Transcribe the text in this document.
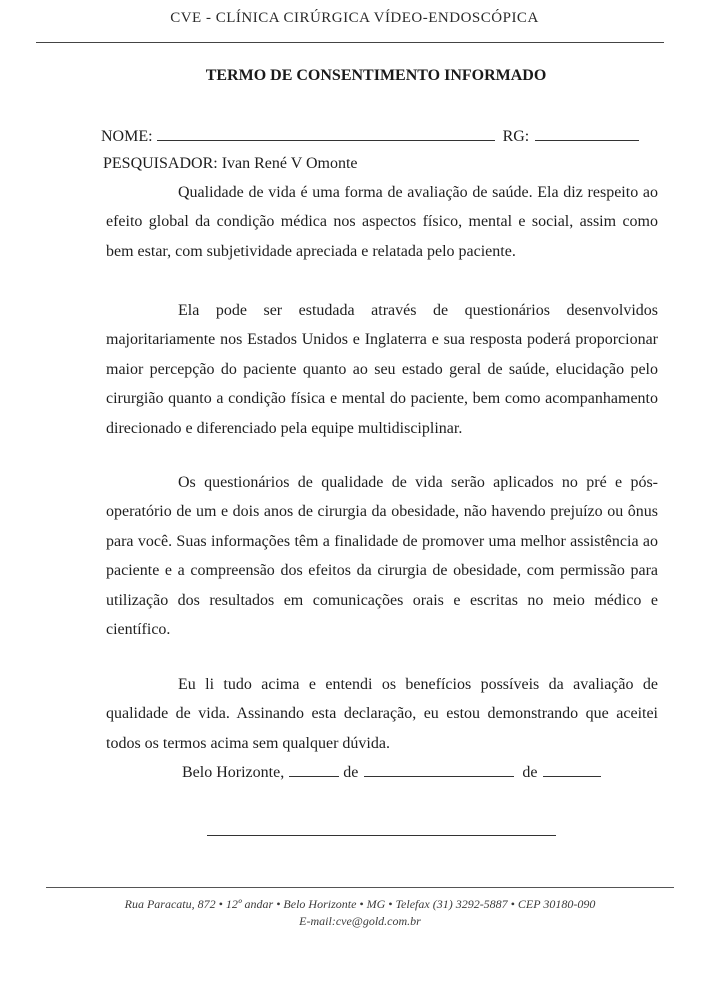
CVE - CLÍNICA CIRÚRGICA VÍDEO-ENDOSCÓPICA
TERMO DE CONSENTIMENTO INFORMADO
NOME:	RG:
PESQUISADOR: Ivan René V Omonte
Qualidade de vida é uma forma de avaliação de saúde. Ela diz respeito ao efeito global da condição médica nos aspectos físico, mental e social, assim como bem estar, com subjetividade apreciada e relatada pelo paciente.
Ela pode ser estudada através de questionários desenvolvidos majoritariamente nos Estados Unidos e Inglaterra e sua resposta poderá proporcionar maior percepção do paciente quanto ao seu estado geral de saúde, elucidação pelo cirurgião quanto a condição física e mental do paciente, bem como acompanhamento direcionado e diferenciado pela equipe multidisciplinar.
Os questionários de qualidade de vida serão aplicados no pré e pós-operatório de um e dois anos de cirurgia da obesidade, não havendo prejuízo ou ônus para você. Suas informações têm a finalidade de promover uma melhor assistência ao paciente e a compreensão dos efeitos da cirurgia de obesidade, com permissão para utilização dos resultados em comunicações orais e escritas no meio médico e científico.
Eu li tudo acima e entendi os benefícios possíveis da avaliação de qualidade de vida. Assinando esta declaração, eu estou demonstrando que aceitei todos os termos acima sem qualquer dúvida.
Belo Horizonte,	de	de
Rua Paracatu, 872 • 12º andar • Belo Horizonte • MG • Telefax (31) 3292-5887 • CEP 30180-090
E-mail:cve@gold.com.br
